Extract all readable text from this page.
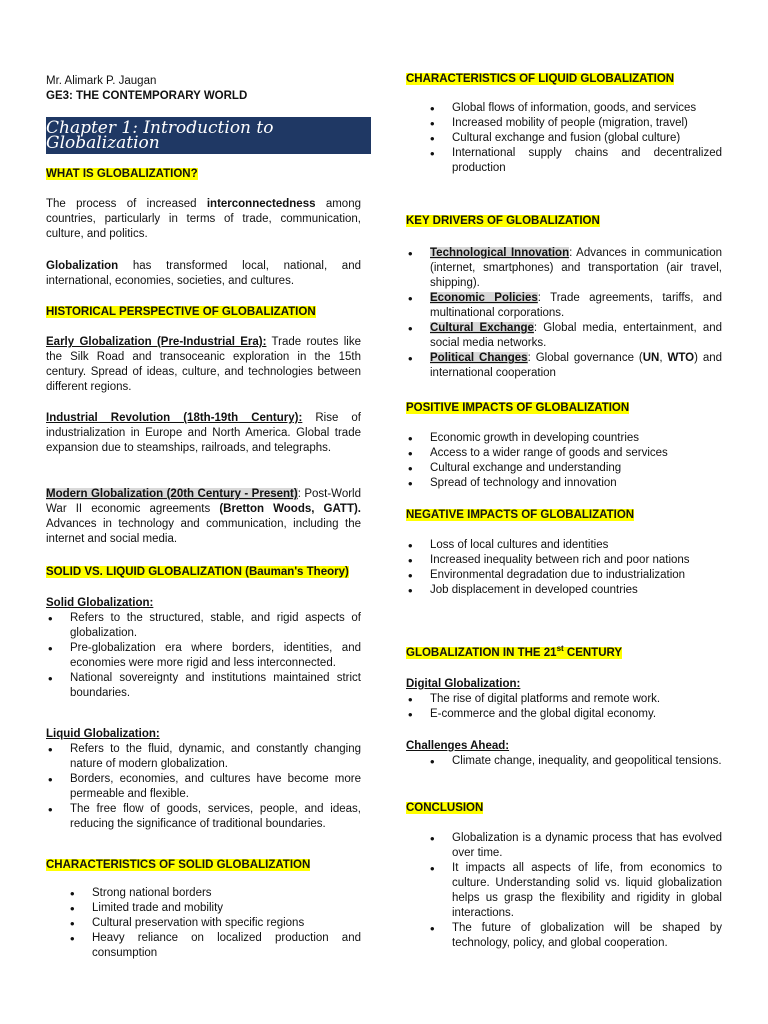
Mr. Alimark P. Jaugan
GE3: THE CONTEMPORARY WORLD
Chapter 1: Introduction to Globalization
WHAT IS GLOBALIZATION?

The process of increased interconnectedness among countries, particularly in terms of trade, communication, culture, and politics.

Globalization has transformed local, national, and international, economies, societies, and cultures.

HISTORICAL PERSPECTIVE OF GLOBALIZATION

Early Globalization (Pre-Industrial Era): Trade routes like the Silk Road and transoceanic exploration in the 15th century. Spread of ideas, culture, and technologies between different regions.

Industrial Revolution (18th-19th Century): Rise of industrialization in Europe and North America. Global trade expansion due to steamships, railroads, and telegraphs.

Modern Globalization (20th Century - Present): Post-World War II economic agreements (Bretton Woods, GATT). Advances in technology and communication, including the internet and social media.

SOLID VS. LIQUID GLOBALIZATION (Bauman's Theory)
Solid Globalization:
• Refers to the structured, stable, and rigid aspects of globalization.
• Pre-globalization era where borders, identities, and economies were more rigid and less interconnected.
• National sovereignty and institutions maintained strict boundaries.
Liquid Globalization:
• Refers to the fluid, dynamic, and constantly changing nature of modern globalization.
• Borders, economies, and cultures have become more permeable and flexible.
• The free flow of goods, services, people, and ideas, reducing the significance of traditional boundaries.
CHARACTERISTICS OF SOLID GLOBALIZATION
• Strong national borders
• Limited trade and mobility
• Cultural preservation with specific regions
• Heavy reliance on localized production and consumption
CHARACTERISTICS OF LIQUID GLOBALIZATION
• Global flows of information, goods, and services
• Increased mobility of people (migration, travel)
• Cultural exchange and fusion (global culture)
• International supply chains and decentralized production
KEY DRIVERS OF GLOBALIZATION
• Technological Innovation: Advances in communication (internet, smartphones) and transportation (air travel, shipping).
• Economic Policies: Trade agreements, tariffs, and multinational corporations.
• Cultural Exchange: Global media, entertainment, and social media networks.
• Political Changes: Global governance (UN, WTO) and international cooperation
POSITIVE IMPACTS OF GLOBALIZATION
• Economic growth in developing countries
• Access to a wider range of goods and services
• Cultural exchange and understanding
• Spread of technology and innovation
NEGATIVE IMPACTS OF GLOBALIZATION
• Loss of local cultures and identities
• Increased inequality between rich and poor nations
• Environmental degradation due to industrialization
• Job displacement in developed countries
GLOBALIZATION IN THE 21st CENTURY
Digital Globalization:
• The rise of digital platforms and remote work.
• E-commerce and the global digital economy.
Challenges Ahead:
• Climate change, inequality, and geopolitical tensions.
CONCLUSION
• Globalization is a dynamic process that has evolved over time.
• It impacts all aspects of life, from economics to culture. Understanding solid vs. liquid globalization helps us grasp the flexibility and rigidity in global interactions.
• The future of globalization will be shaped by technology, policy, and global cooperation.
